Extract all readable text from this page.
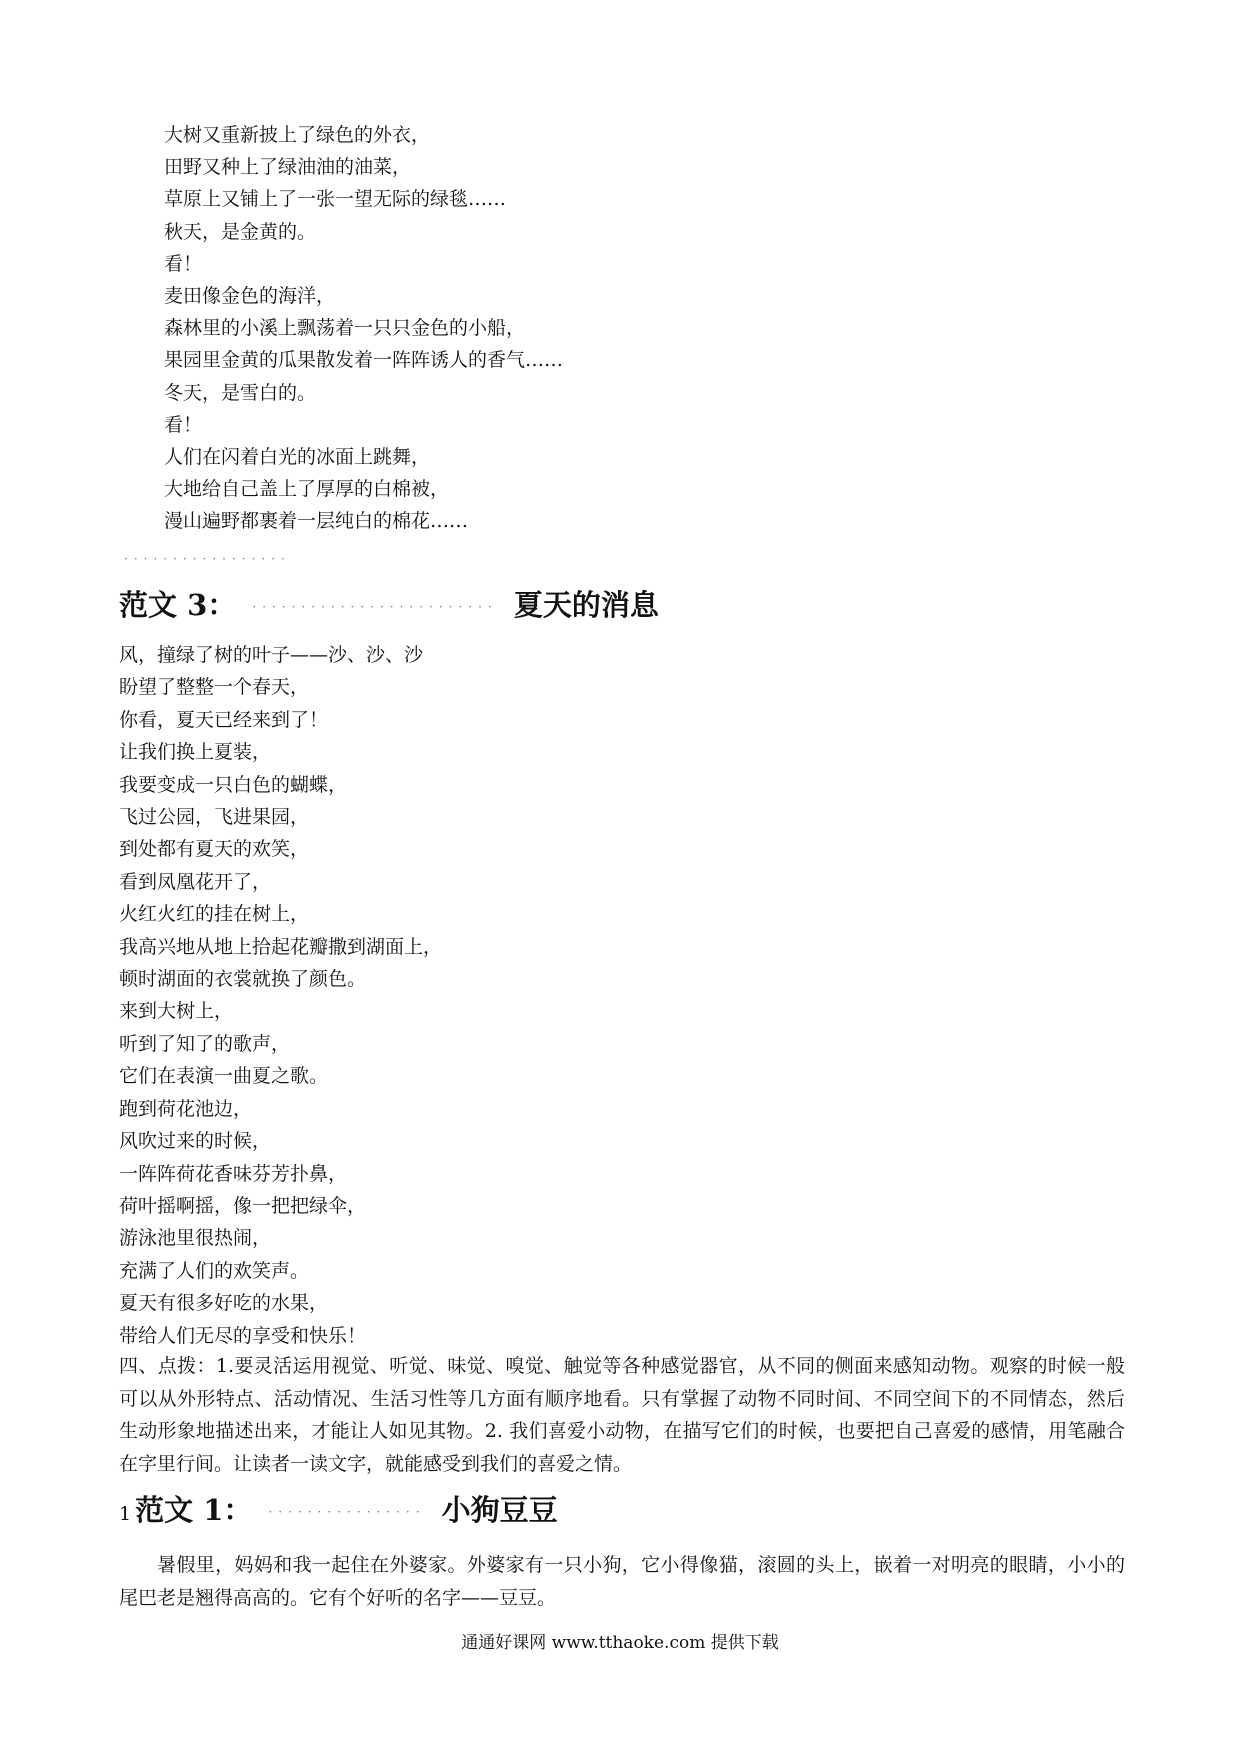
大树又重新披上了绿色的外衣，
田野又种上了绿油油的油菜，
草原上又铺上了一张一望无际的绿毯……
秋天，是金黄的。
看！
麦田像金色的海洋，
森林里的小溪上飘荡着一只只金色的小船，
果园里金黄的瓜果散发着一阵阵诱人的香气……
冬天，是雪白的。
看！
人们在闪着白光的冰面上跳舞，
大地给自己盖上了厚厚的白棉被，
漫山遍野都裹着一层纯白的棉花……
·················
范文 3： ························· 夏天的消息
风，撞绿了树的叶子——沙、沙、沙
盼望了整整一个春天，
你看，夏天已经来到了！
让我们换上夏装，
我要变成一只白色的蝴蝶，
飞过公园，飞进果园，
到处都有夏天的欢笑，
看到凤凰花开了，
火红火红的挂在树上，
我高兴地从地上拾起花瓣撒到湖面上，
顿时湖面的衣裳就换了颜色。
来到大树上，
听到了知了的歌声，
它们在表演一曲夏之歌。
跑到荷花池边，
风吹过来的时候，
一阵阵荷花香味芬芳扑鼻，
荷叶摇啊摇，像一把把绿伞，
游泳池里很热闹，
充满了人们的欢笑声。
夏天有很多好吃的水果，
带给人们无尽的享受和快乐！
四、点拨：1.要灵活运用视觉、听觉、味觉、嗅觉、触觉等各种感觉器官，从不同的侧面来感知动物。观察的时候一般可以从外形特点、活动情况、生活习性等几方面有顺序地看。只有掌握了动物不同时间、不同空间下的不同情态，然后生动形象地描述出来，才能让人如见其物。2. 我们喜爱小动物，在描写它们的时候，也要把自己喜爱的感情，用笔融合在字里行间。让读者一读文字，就能感受到我们的喜爱之情。
1 范文 1： ················ 小狗豆豆
暑假里，妈妈和我一起住在外婆家。外婆家有一只小狗，它小得像猫，滚圆的头上，嵌着一对明亮的眼睛，小小的尾巴老是翘得高高的。它有个好听的名字——豆豆。
通通好课网 www.tthaoke.com 提供下载
